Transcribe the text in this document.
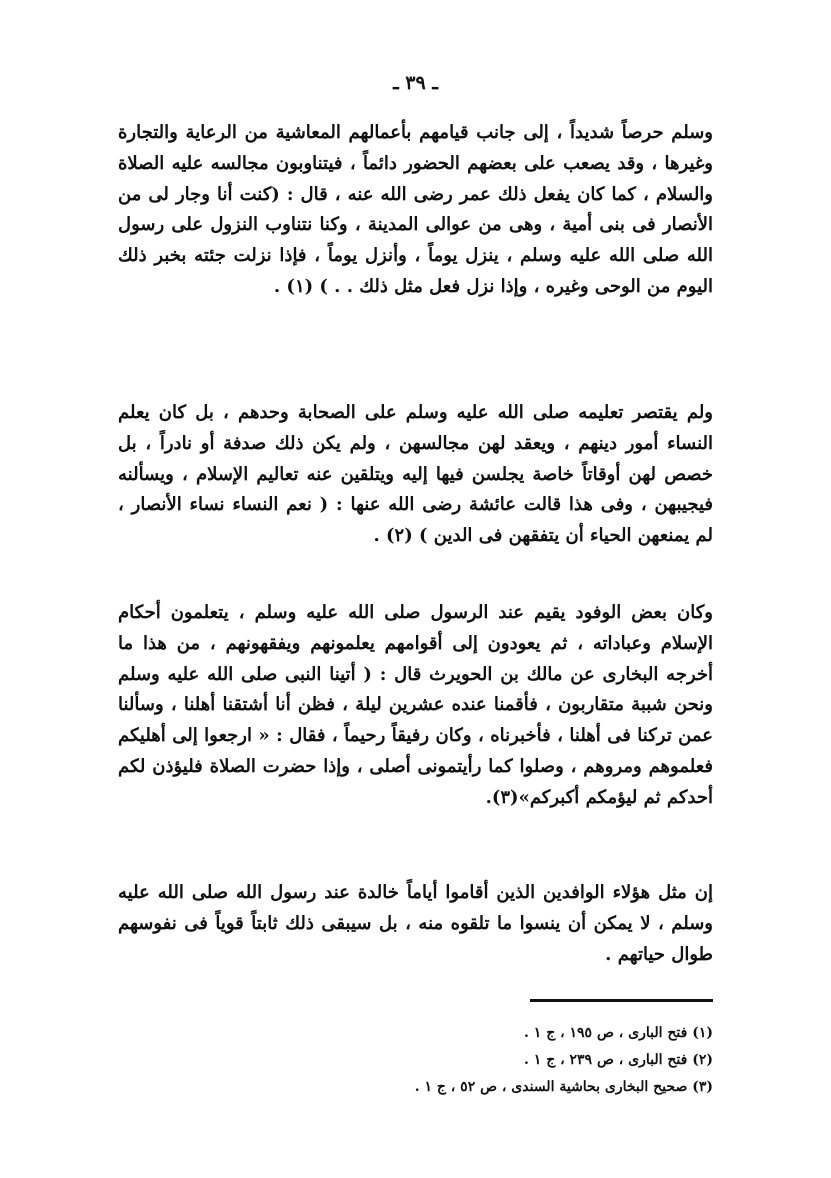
ـ ٣٩ ـ

وسلم حرصاً شديداً ، إلى جانب قيامهم بأعمالهم المعاشية من الرعاية والتجارة وغيرها ، وقد يصعب على بعضهم الحضور دائماً ، فيتناوبون مجالسه عليه الصلاة والسلام ، كما كان يفعل ذلك عمر رضى الله عنه ، قال : (كنت أنا وجار لى من الأنصار فى بنى أمية ، وهى من عوالى المدينة ، وكنا نتناوب النزول على رسول الله صلى الله عليه وسلم ، ينزل يوماً ، وأنزل يوماً ، فإذا نزلت جئته بخبر ذلك اليوم من الوحى وغيره ، وإذا نزل فعل مثل ذلك . . ) (١) .

ولم يقتصر تعليمه صلى الله عليه وسلم على الصحابة وحدهم ، بل كان يعلم النساء أمور دينهم ، ويعقد لهن مجالسهن ، ولم يكن ذلك صدفة أو نادراً ، بل خصص لهن أوقاتاً خاصة يجلسن فيها إليه ويتلقين عنه تعاليم الإسلام ، ويسألنه فيجيبهن ، وفى هذا قالت عائشة رضى الله عنها : ( نعم النساء نساء الأنصار ، لم يمنعهن الحياء أن يتفقهن فى الدين ) (٢) .

وكان بعض الوفود يقيم عند الرسول صلى الله عليه وسلم ، يتعلمون أحكام الإسلام وعباداته ، ثم يعودون إلى أقوامهم يعلمونهم ويفقهونهم ، من هذا ما أخرجه البخارى عن مالك بن الحويرث قال : ( أتينا النبى صلى الله عليه وسلم ونحن شببة متقاربون ، فأقمنا عنده عشرين ليلة ، فظن أنا أشتقنا أهلنا ، وسألنا عمن تركنا فى أهلنا ، فأخبرناه ، وكان رفيقاً رحيماً ، فقال : « ارجعوا إلى أهليكم فعلموهم ومروهم ، وصلوا كما رأيتمونى أصلى ، وإذا حضرت الصلاة فليؤذن لكم أحدكم ثم ليؤمكم أكبركم»(٣).

إن مثل هؤلاء الوافدين الذين أقاموا أياماً خالدة عند رسول الله صلى الله عليه وسلم ، لا يمكن أن ينسوا ما تلقوه منه ، بل سيبقى ذلك ثابتاً قوياً فى نفوسهم طوال حياتهم .

(١) فتح البارى ، ص ١٩٥ ، ج ١ .
(٢) فتح البارى ، ص ٢٣٩ ، ج ١ .
(٣) صحيح البخارى بحاشية السندى ، ص ٥٢ ، ج ١ .
